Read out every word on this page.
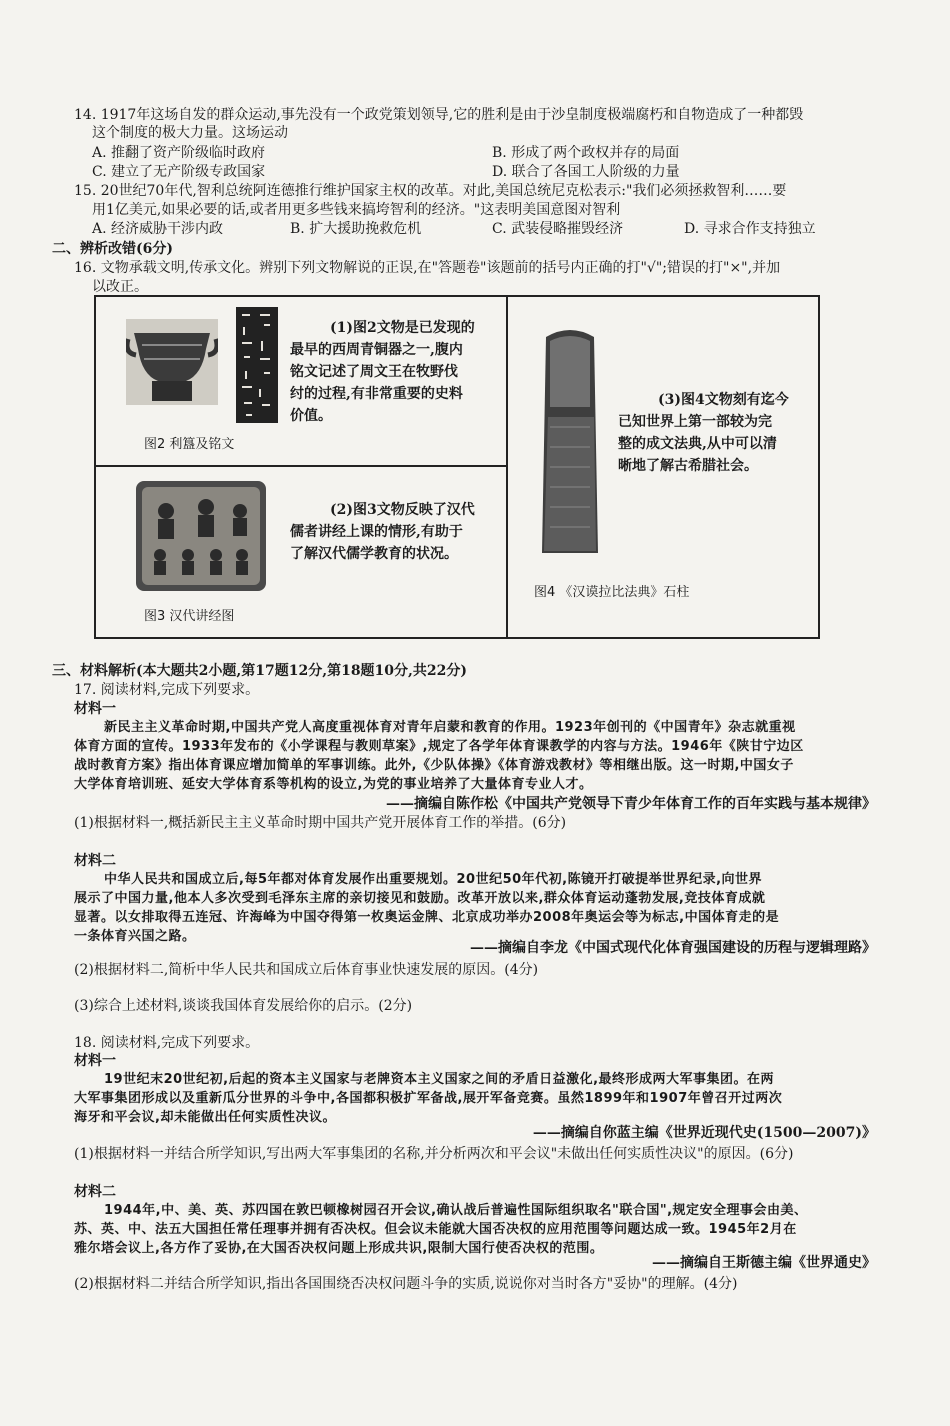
14. 1917年这场自发的群众运动,事先没有一个政党策划领导,它的胜利是由于沙皇制度极端腐朽和自物造成了一种都毁
这个制度的极大力量。这场运动
A. 推翻了资产阶级临时政府	B. 形成了两个政权并存的局面
C. 建立了无产阶级专政国家	D. 联合了各国工人阶级的力量
15. 20世纪70年代,智利总统阿连德推行维护国家主权的改革。对此,美国总统尼克松表示:"我们必须拯救智利……要
用1亿美元,如果必要的话,或者用更多些钱来搞垮智利的经济。"这表明美国意图对智利
A. 经济威胁干涉内政	B. 扩大援助挽救危机	C. 武装侵略摧毁经济	D. 寻求合作支持独立
二、辨析改错(6分)
16. 文物承载文明,传承文化。辨别下列文物解说的正误,在"答题卷"该题前的括号内正确的打"√";错误的打"×",并加
以改正。
(1)图2文物是已发现的
最早的西周青铜器之一,腹内
铭文记述了周文王在牧野伐
纣的过程,有非常重要的史料
价值。
图2 利簋及铭文
(2)图3文物反映了汉代
儒者讲经上课的情形,有助于
了解汉代儒学教育的状况。
图3 汉代讲经图
(3)图4文物刻有迄今
已知世界上第一部较为完
整的成文法典,从中可以清
晰地了解古希腊社会。
图4 《汉谟拉比法典》石柱
三、材料解析(本大题共2小题,第17题12分,第18题10分,共22分)
17. 阅读材料,完成下列要求。
材料一
新民主主义革命时期,中国共产党人高度重视体育对青年启蒙和教育的作用。1923年创刊的《中国青年》杂志就重视
体育方面的宣传。1933年发布的《小学课程与教则草案》,规定了各学年体育课教学的内容与方法。1946年《陕甘宁边区
战时教育方案》指出体育课应增加简单的军事训练。此外,《少队体操》《体育游戏教材》等相继出版。这一时期,中国女子
大学体育培训班、延安大学体育系等机构的设立,为党的事业培养了大量体育专业人才。
——摘编自陈作松《中国共产党领导下青少年体育工作的百年实践与基本规律》
(1)根据材料一,概括新民主主义革命时期中国共产党开展体育工作的举措。(6分)
材料二
中华人民共和国成立后,每5年都对体育发展作出重要规划。20世纪50年代初,陈镜开打破提举世界纪录,向世界
展示了中国力量,他本人多次受到毛泽东主席的亲切接见和鼓励。改革开放以来,群众体育运动蓬勃发展,竞技体育成就
显著。以女排取得五连冠、许海峰为中国夺得第一枚奥运金牌、北京成功举办2008年奥运会等为标志,中国体育走的是
一条体育兴国之路。
——摘编自李龙《中国式现代化体育强国建设的历程与逻辑理路》
(2)根据材料二,简析中华人民共和国成立后体育事业快速发展的原因。(4分)
(3)综合上述材料,谈谈我国体育发展给你的启示。(2分)
18. 阅读材料,完成下列要求。
材料一
19世纪末20世纪初,后起的资本主义国家与老牌资本主义国家之间的矛盾日益激化,最终形成两大军事集团。在两
大军事集团形成以及重新瓜分世界的斗争中,各国都积极扩军备战,展开军备竞赛。虽然1899年和1907年曾召开过两次
海牙和平会议,却未能做出任何实质性决议。
——摘编自你蓝主编《世界近现代史(1500—2007)》
(1)根据材料一并结合所学知识,写出两大军事集团的名称,并分析两次和平会议"未做出任何实质性决议"的原因。(6分)
材料二
1944年,中、美、英、苏四国在敦巴顿橡树园召开会议,确认战后普遍性国际组织取名"联合国",规定安全理事会由美、
苏、英、中、法五大国担任常任理事并拥有否决权。但会议未能就大国否决权的应用范围等问题达成一致。1945年2月在
雅尔塔会议上,各方作了妥协,在大国否决权问题上形成共识,限制大国行使否决权的范围。
——摘编自王斯德主编《世界通史》
(2)根据材料二并结合所学知识,指出各国围绕否决权问题斗争的实质,说说你对当时各方"妥协"的理解。(4分)
